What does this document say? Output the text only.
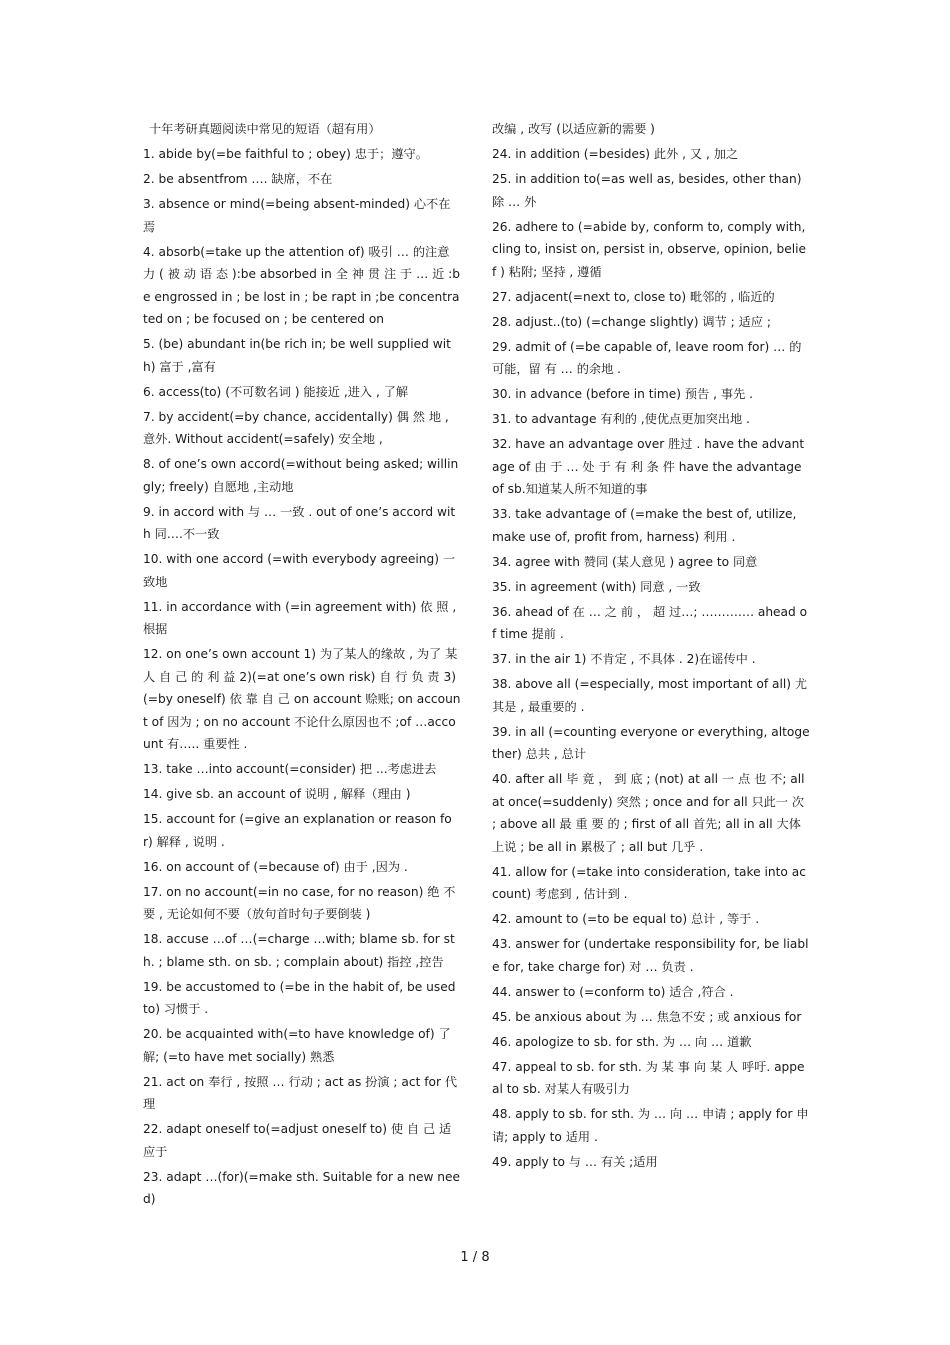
十年考研真题阅读中常见的短语（超有用）

1. abide by(=be faithful to ; obey) 忠于；遵守。

2. be absentfrom …. 缺席，不在

3. absence or mind(=being absent-minded) 心不在焉

4. absorb(=take up the attention of) 吸引 … 的注意力 ( 被 动 语 态 ):be absorbed in 全 神 贯 注 于 … 近 :be engrossed in ; be lost in ; be rapt in ;be concentrated on ; be focused on ; be centered on

5. (be) abundant in(be rich in; be well supplied with) 富于 ,富有

6. access(to) (不可数名词 ) 能接近 ,进入 , 了解

7. by accident(=by chance, accidentally) 偶 然 地 , 意外. Without accident(=safely) 安全地 ,

8. of one’s own accord(=without being asked; willingly; freely) 自愿地 ,主动地

9. in accord with 与 … 一致 . out of one’s accord with 同….不一致

10. with one accord (=with everybody agreeing) 一 致地

11. in accordance with (=in agreement with) 依 照 , 根据

12. on one’s own account 1) 为了某人的缘故 , 为了 某 人 自 己 的 利 益 2)(=at one’s own risk) 自 行 负 责 3)(=by oneself) 依 靠 自 己 on account 赊账; on account of 因为 ; on no account 不论什么原因也不 ;of …account 有….. 重要性 .

13. take …into account(=consider) 把 ...考虑进去

14. give sb. an account of 说明 , 解释（理由 )

15. account for (=give an explanation or reason for) 解释 , 说明 .

16. on account of (=because of) 由于 ,因为 .

17. on no account(=in no case, for no reason) 绝 不 要 , 无论如何不要（放句首时句子要倒装 )

18. accuse …of …(=charge …with; blame sb. for sth. ; blame sth. on sb. ; complain about) 指控 ,控告

19. be accustomed to (=be in the habit of, be used to) 习惯于 .

20. be acquainted with(=to have knowledge of) 了 解; (=to have met socially) 熟悉

21. act on 奉行 , 按照 … 行动 ; act as 扮演 ; act for 代理

22. adapt oneself to(=adjust oneself to) 使 自 己 适 应于

23. adapt …(for)(=make sth. Suitable for a new need)

改编 , 改写 (以适应新的需要 )

24. in addition (=besides) 此外 , 又 , 加之

25. in addition to(=as well as, besides, other than) 除 … 外

26. adhere to (=abide by, conform to, comply with, cling to, insist on, persist in, observe, opinion, belief ) 粘附; 坚持 , 遵循

27. adjacent(=next to, close to) 毗邻的 , 临近的

28. adjust..(to) (=change slightly) 调节 ; 适应 ;

29. admit of (=be capable of, leave room for) … 的 可能，留 有 … 的余地 .

30. in advance (before in time) 预告 , 事先 .

31. to advantage 有利的 ,使优点更加突出地 .

32. have an advantage over 胜过 . have the advantage of 由 于 … 处 于 有 利 条 件 have the advantage of sb.知道某人所不知道的事

33. take advantage of (=make the best of, utilize, make use of, profit from, harness) 利用 .

34. agree with 赞同 (某人意见 ) agree to 同意

35. in agreement (with) 同意 , 一致

36. ahead of 在 … 之 前 ， 超 过…; …………. ahead of time 提前 .

37. in the air 1) 不肯定 , 不具体 . 2)在谣传中 .

38. above all (=especially, most important of all) 尤其是 , 最重要的 .

39. in all (=counting everyone or everything, altogether) 总共 , 总计

40. after all 毕 竟 ， 到 底 ; (not) at all 一 点 也 不; all at once(=suddenly) 突然 ; once and for all 只此一 次 ; above all 最 重 要 的 ; first of all 首先; all in all 大体上说 ; be all in 累极了 ; all but 几乎 .

41. allow for (=take into consideration, take into account) 考虑到 , 估计到 .

42. amount to (=to be equal to) 总计 , 等于 .

43. answer for (undertake responsibility for, be liable for, take charge for) 对 … 负责 .

44. answer to (=conform to) 适合 ,符合 .

45. be anxious about 为 … 焦急不安 ; 或 anxious for

46. apologize to sb. for sth. 为 … 向 … 道歉

47. appeal to sb. for sth. 为 某 事 向 某 人 呼吁. appeal to sb. 对某人有吸引力

48. apply to sb. for sth. 为 … 向 … 申请 ; apply for 申请; apply to 适用 .

49. apply to 与 … 有关 ;适用

1 / 8
